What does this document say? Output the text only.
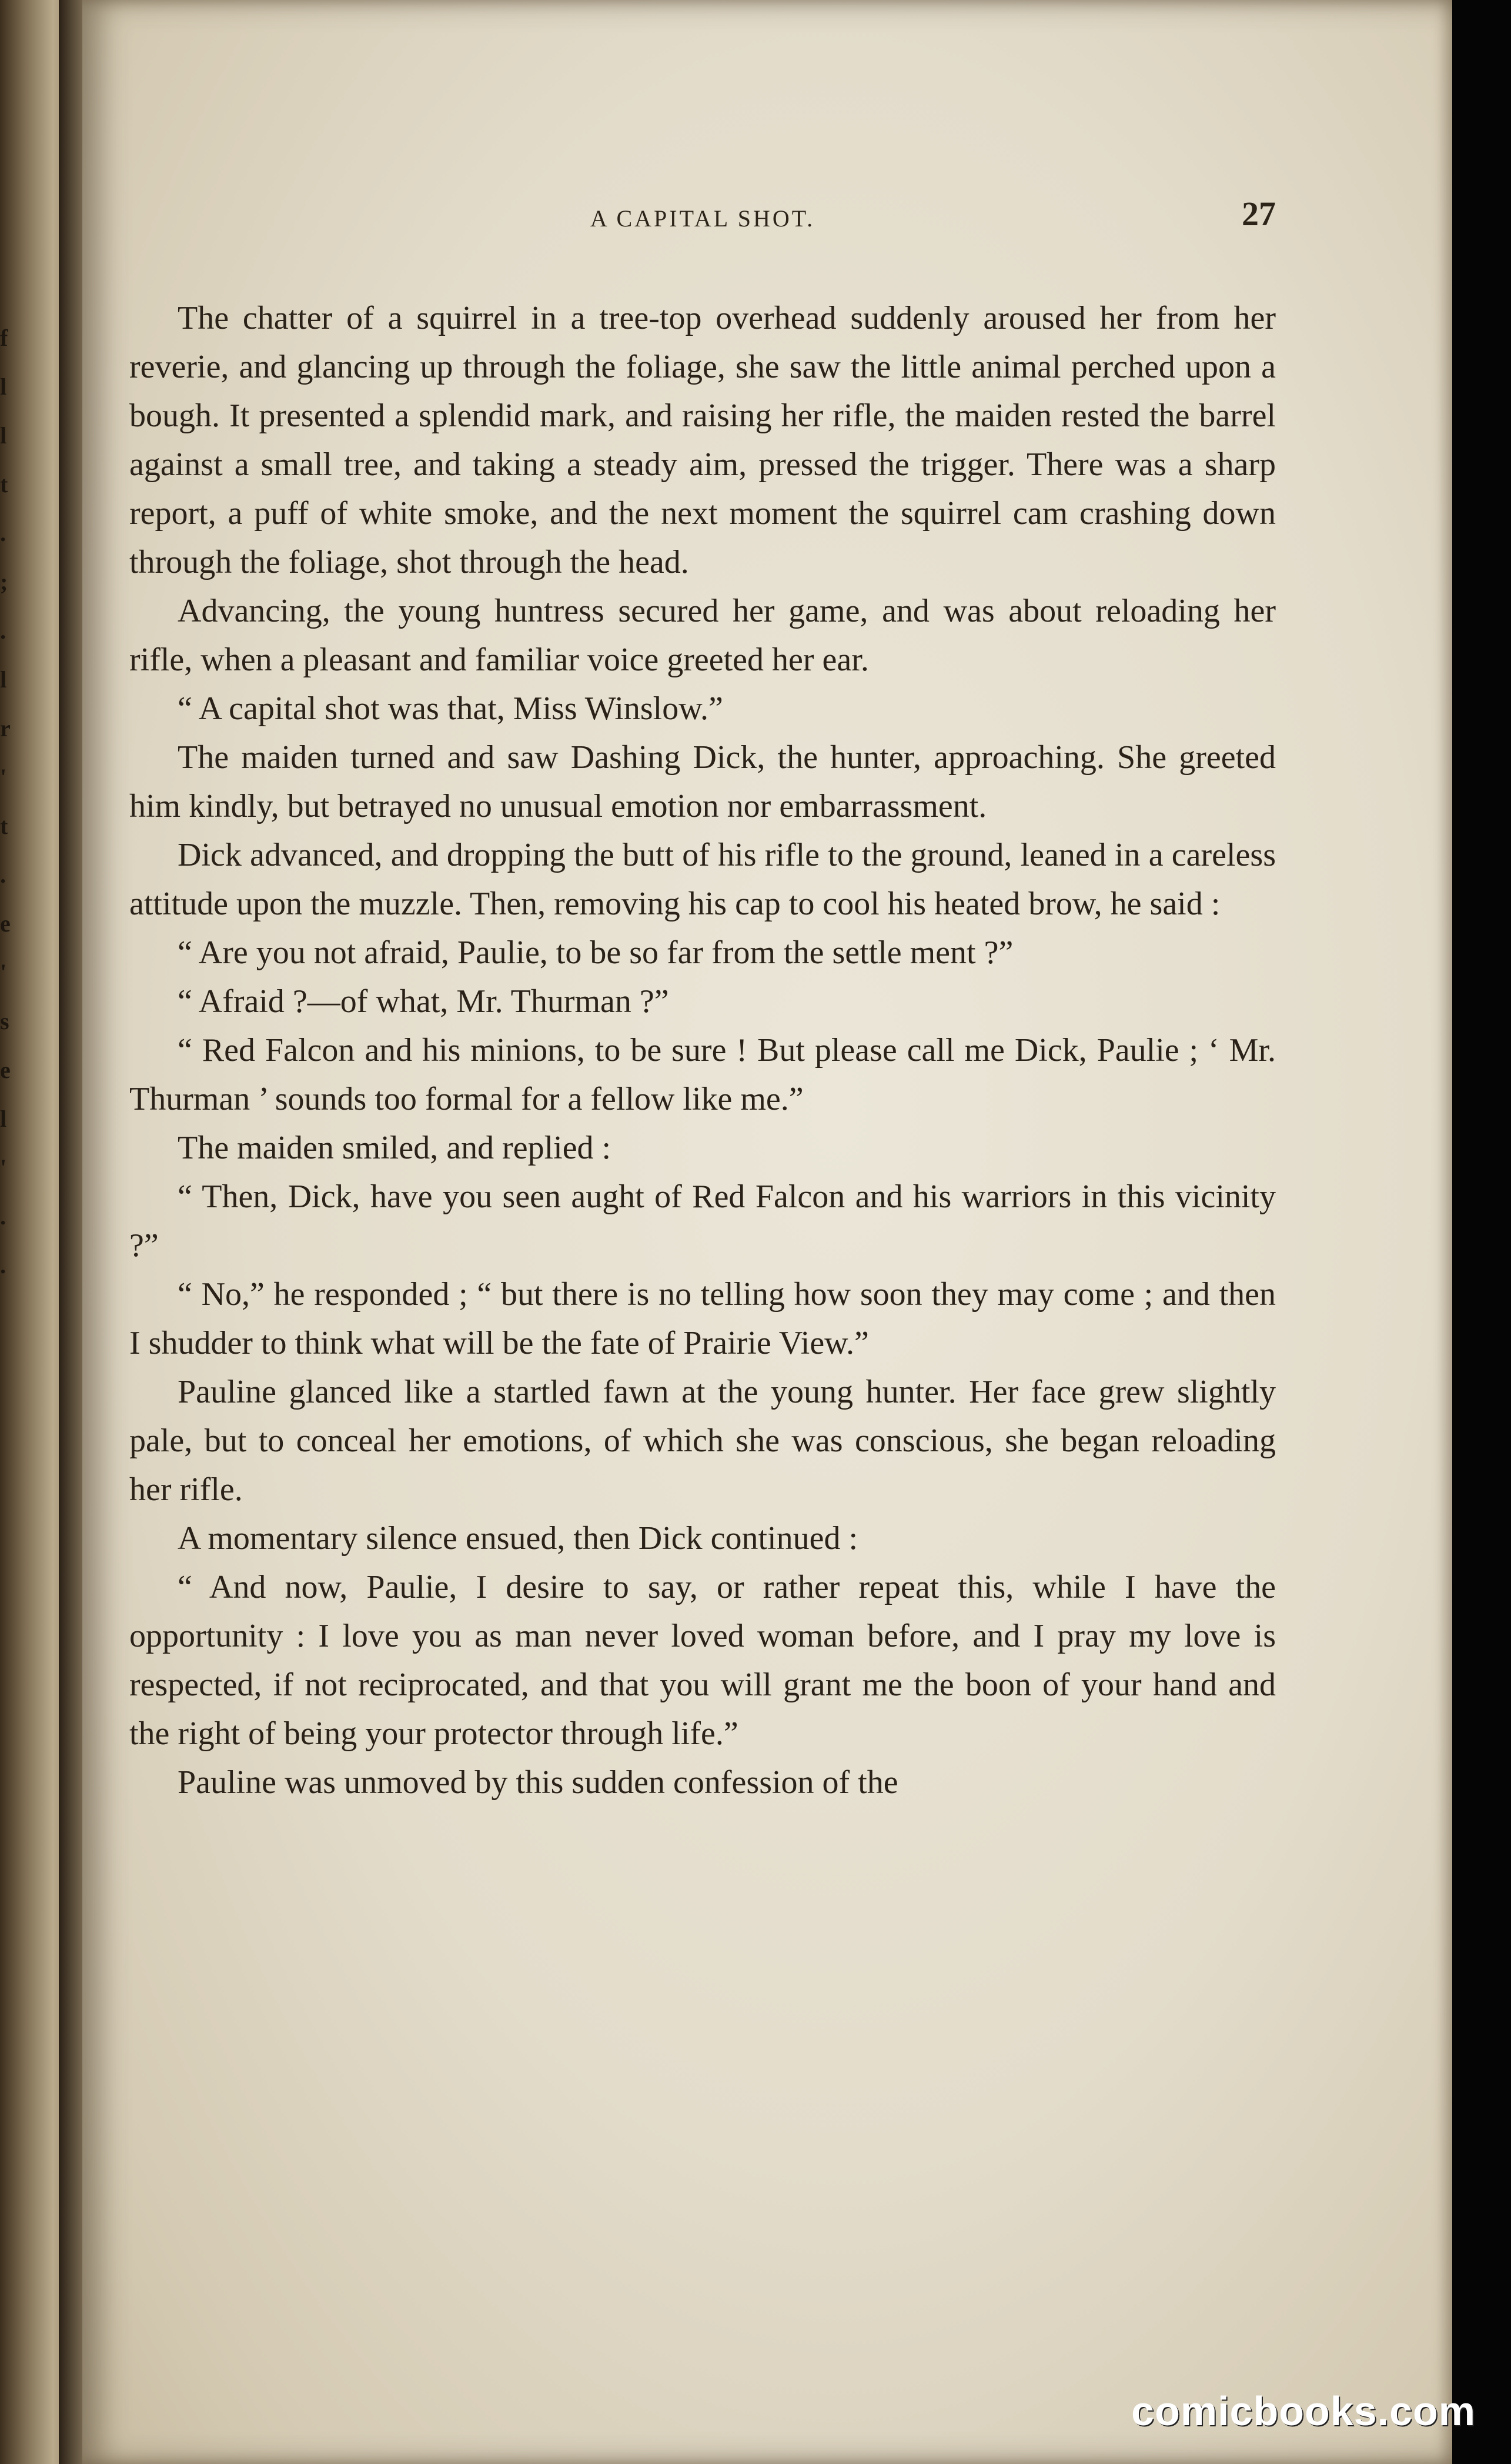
f
l
l
t
.
;
.
l
r
'
t
.
e
'
s
e
l
'
.
.
A CAPITAL SHOT.	27

The chatter of a squirrel in a tree-top overhead suddenly aroused her from her reverie, and glancing up through the foliage, she saw the little animal perched upon a bough. It presented a splendid mark, and raising her rifle, the maiden rested the barrel against a small tree, and taking a steady aim, pressed the trigger. There was a sharp report, a puff of white smoke, and the next moment the squirrel cam crashing down through the foliage, shot through the head.

Advancing, the young huntress secured her game, and was about reloading her rifle, when a pleasant and familiar voice greeted her ear.

“ A capital shot was that, Miss Winslow.”

The maiden turned and saw Dashing Dick, the hunter, approaching. She greeted him kindly, but betrayed no unusual emotion nor embarrassment.

Dick advanced, and dropping the butt of his rifle to the ground, leaned in a careless attitude upon the muzzle. Then, removing his cap to cool his heated brow, he said :

“ Are you not afraid, Paulie, to be so far from the settle ment ?”

“ Afraid ?—of what, Mr. Thurman ?”

“ Red Falcon and his minions, to be sure ! But please call me Dick, Paulie ; ‘ Mr. Thurman ’ sounds too formal for a fellow like me.”

The maiden smiled, and replied :

“ Then, Dick, have you seen aught of Red Falcon and his warriors in this vicinity ?”

“ No,” he responded ; “ but there is no telling how soon they may come ; and then I shudder to think what will be the fate of Prairie View.”

Pauline glanced like a startled fawn at the young hunter. Her face grew slightly pale, but to conceal her emotions, of which she was conscious, she began reloading her rifle.

A momentary silence ensued, then Dick continued :

“ And now, Paulie, I desire to say, or rather repeat this, while I have the opportunity : I love you as man never loved woman before, and I pray my love is respected, if not reciprocated, and that you will grant me the boon of your hand and the right of being your protector through life.”

Pauline was unmoved by this sudden confession of the

comicbooks.com
